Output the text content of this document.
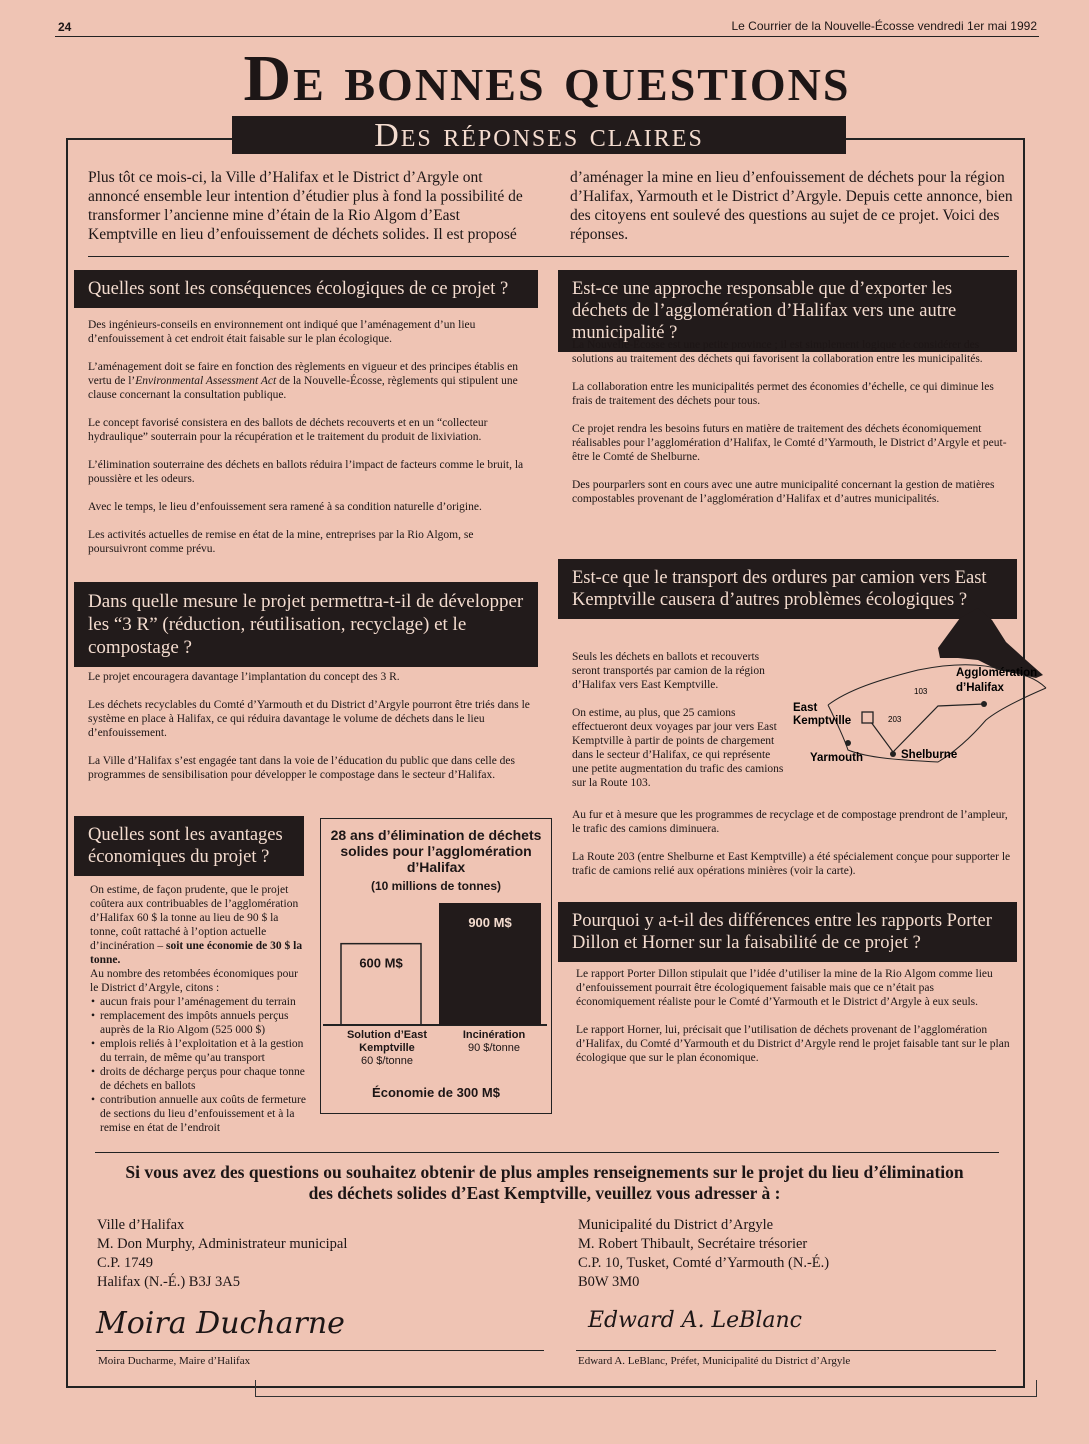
24	Le Courrier de la Nouvelle-Écosse vendredi 1er mai 1992
De bonnes questions
Des réponses claires
Plus tôt ce mois-ci, la Ville d’Halifax et le District d’Argyle ont annoncé ensemble leur intention d’étudier plus à fond la possibilité de transformer l’ancienne mine d’étain de la Rio Algom d’East Kemptville en lieu d’enfouissement de déchets solides. Il est proposé
d’aménager la mine en lieu d’enfouissement de déchets pour la région d’Halifax, Yarmouth et le District d’Argyle. Depuis cette annonce, bien des citoyens ent soulevé des questions au sujet de ce projet. Voici des réponses.
Quelles sont les conséquences écologiques de ce projet ?

Des ingénieurs-conseils en environnement ont indiqué que l’aménagement d’un lieu d’enfouissement à cet endroit était faisable sur le plan écologique.

L’aménagement doit se faire en fonction des règlements en vigueur et des principes établis en vertu de l’Environmental Assessment Act de la Nouvelle-Écosse, règlements qui stipulent une clause concernant la consultation publique.

Le concept favorisé consistera en des ballots de déchets recouverts et en un “collecteur hydraulique” souterrain pour la récupération et le traitement du produit de lixiviation.

L’élimination souterraine des déchets en ballots réduira l’impact de facteurs comme le bruit, la poussière et les odeurs.

Avec le temps, le lieu d’enfouissement sera ramené à sa condition naturelle d’origine.

Les activités actuelles de remise en état de la mine, entreprises par la Rio Algom, se poursuivront comme prévu.

Dans quelle mesure le projet permettra-t-il de développer les “3 R” (réduction, réutilisation, recyclage) et le compostage ?

Le projet encouragera davantage l’implantation du concept des 3 R.

Les déchets recyclables du Comté d’Yarmouth et du District d’Argyle pourront être triés dans le système en place à Halifax, ce qui réduira davantage le volume de déchets dans le lieu d’enfouissement.

La Ville d’Halifax s’est engagée tant dans la voie de l’éducation du public que dans celle des programmes de sensibilisation pour développer le compostage dans le secteur d’Halifax.

Quelles sont les avantages économiques du projet ?
On estime, de façon prudente, que le projet coûtera aux contribuables de l’agglomération d’Halifax 60 $ la tonne au lieu de 90 $ la tonne, coût rattaché à l’option actuelle d’incinération – soit une économie de 30 $ la tonne.
Au nombre des retombées économiques pour le District d’Argyle, citons :
• aucun frais pour l’aménagement du terrain
• remplacement des impôts annuels perçus auprès de la Rio Algom (525 000 $)
• emplois reliés à l’exploitation et à la gestion du terrain, de même qu’au transport
• droits de décharge perçus pour chaque tonne de déchets en ballots
• contribution annuelle aux coûts de fermeture de sections du lieu d’enfouissement et à la remise en état de l’endroit
28 ans d’élimination de déchets solides pour l’agglomération d’Halifax
(10 millions de tonnes)
600 M$
900 M$
Solution d’East Kemptville
60 $/tonne
Incinération
90 $/tonne
Économie de 300 M$
Est-ce une approche responsable que d’exporter les déchets de l’agglomération d’Halifax vers une autre municipalité ?

La Nouvelle-Écosse est une petite province ; il est simplement logique de considérer des solutions au traitement des déchets qui favorisent la collaboration entre les municipalités.

La collaboration entre les municipalités permet des économies d’échelle, ce qui diminue les frais de traitement des déchets pour tous.

Ce projet rendra les besoins futurs en matière de traitement des déchets économiquement réalisables pour l’agglomération d’Halifax, le Comté d’Yarmouth, le District d’Argyle et peut-être le Comté de Shelburne.

Des pourparlers sont en cours avec une autre municipalité concernant la gestion de matières compostables provenant de l’agglomération d’Halifax et d’autres municipalités.

Est-ce que le transport des ordures par camion vers East Kemptville causera d’autres problèmes écologiques ?

Seuls les déchets en ballots et recouverts seront transportés par camion de la région d’Halifax vers East Kemptville.

On estime, au plus, que 25 camions effectueront deux voyages par jour vers East Kemptville à partir de points de chargement dans le secteur d’Halifax, ce qui représente une petite augmentation du trafic des camions sur la Route 103.

Au fur et à mesure que les programmes de recyclage et de compostage prendront de l’ampleur, le trafic des camions diminuera.

La Route 203 (entre Shelburne et East Kemptville) a été spécialement conçue pour supporter le trafic de camions relié aux opérations minières (voir la carte).

203
103
Agglomération
d’Halifax
East
Kemptville
Yarmouth	Shelburne
Pourquoi y a-t-il des différences entre les rapports Porter Dillon et Horner sur la faisabilité de ce projet ?

Le rapport Porter Dillon stipulait que l’idée d’utiliser la mine de la Rio Algom comme lieu d’enfouissement pourrait être écologiquement faisable mais que ce n’était pas économiquement réaliste pour le Comté d’Yarmouth et le District d’Argyle à eux seuls.

Le rapport Horner, lui, précisait que l’utilisation de déchets provenant de l’agglomération d’Halifax, du Comté d’Yarmouth et du District d’Argyle rend le projet faisable tant sur le plan écologique que sur le plan économique.

Si vous avez des questions ou souhaitez obtenir de plus amples renseignements sur le projet du lieu d’élimination des déchets solides d’East Kemptville, veuillez vous adresser à :
Ville d’Halifax
M. Don Murphy, Administrateur municipal
C.P. 1749
Halifax (N.-É.) B3J 3A5
Municipalité du District d’Argyle
M. Robert Thibault, Secrétaire trésorier
C.P. 10, Tusket, Comté d’Yarmouth (N.-É.)
B0W 3M0
Moira Ducharne
Moira Ducharme, Maire d’Halifax
Edward A. LeBlanc
Edward A. LeBlanc, Préfet, Municipalité du District d’Argyle
